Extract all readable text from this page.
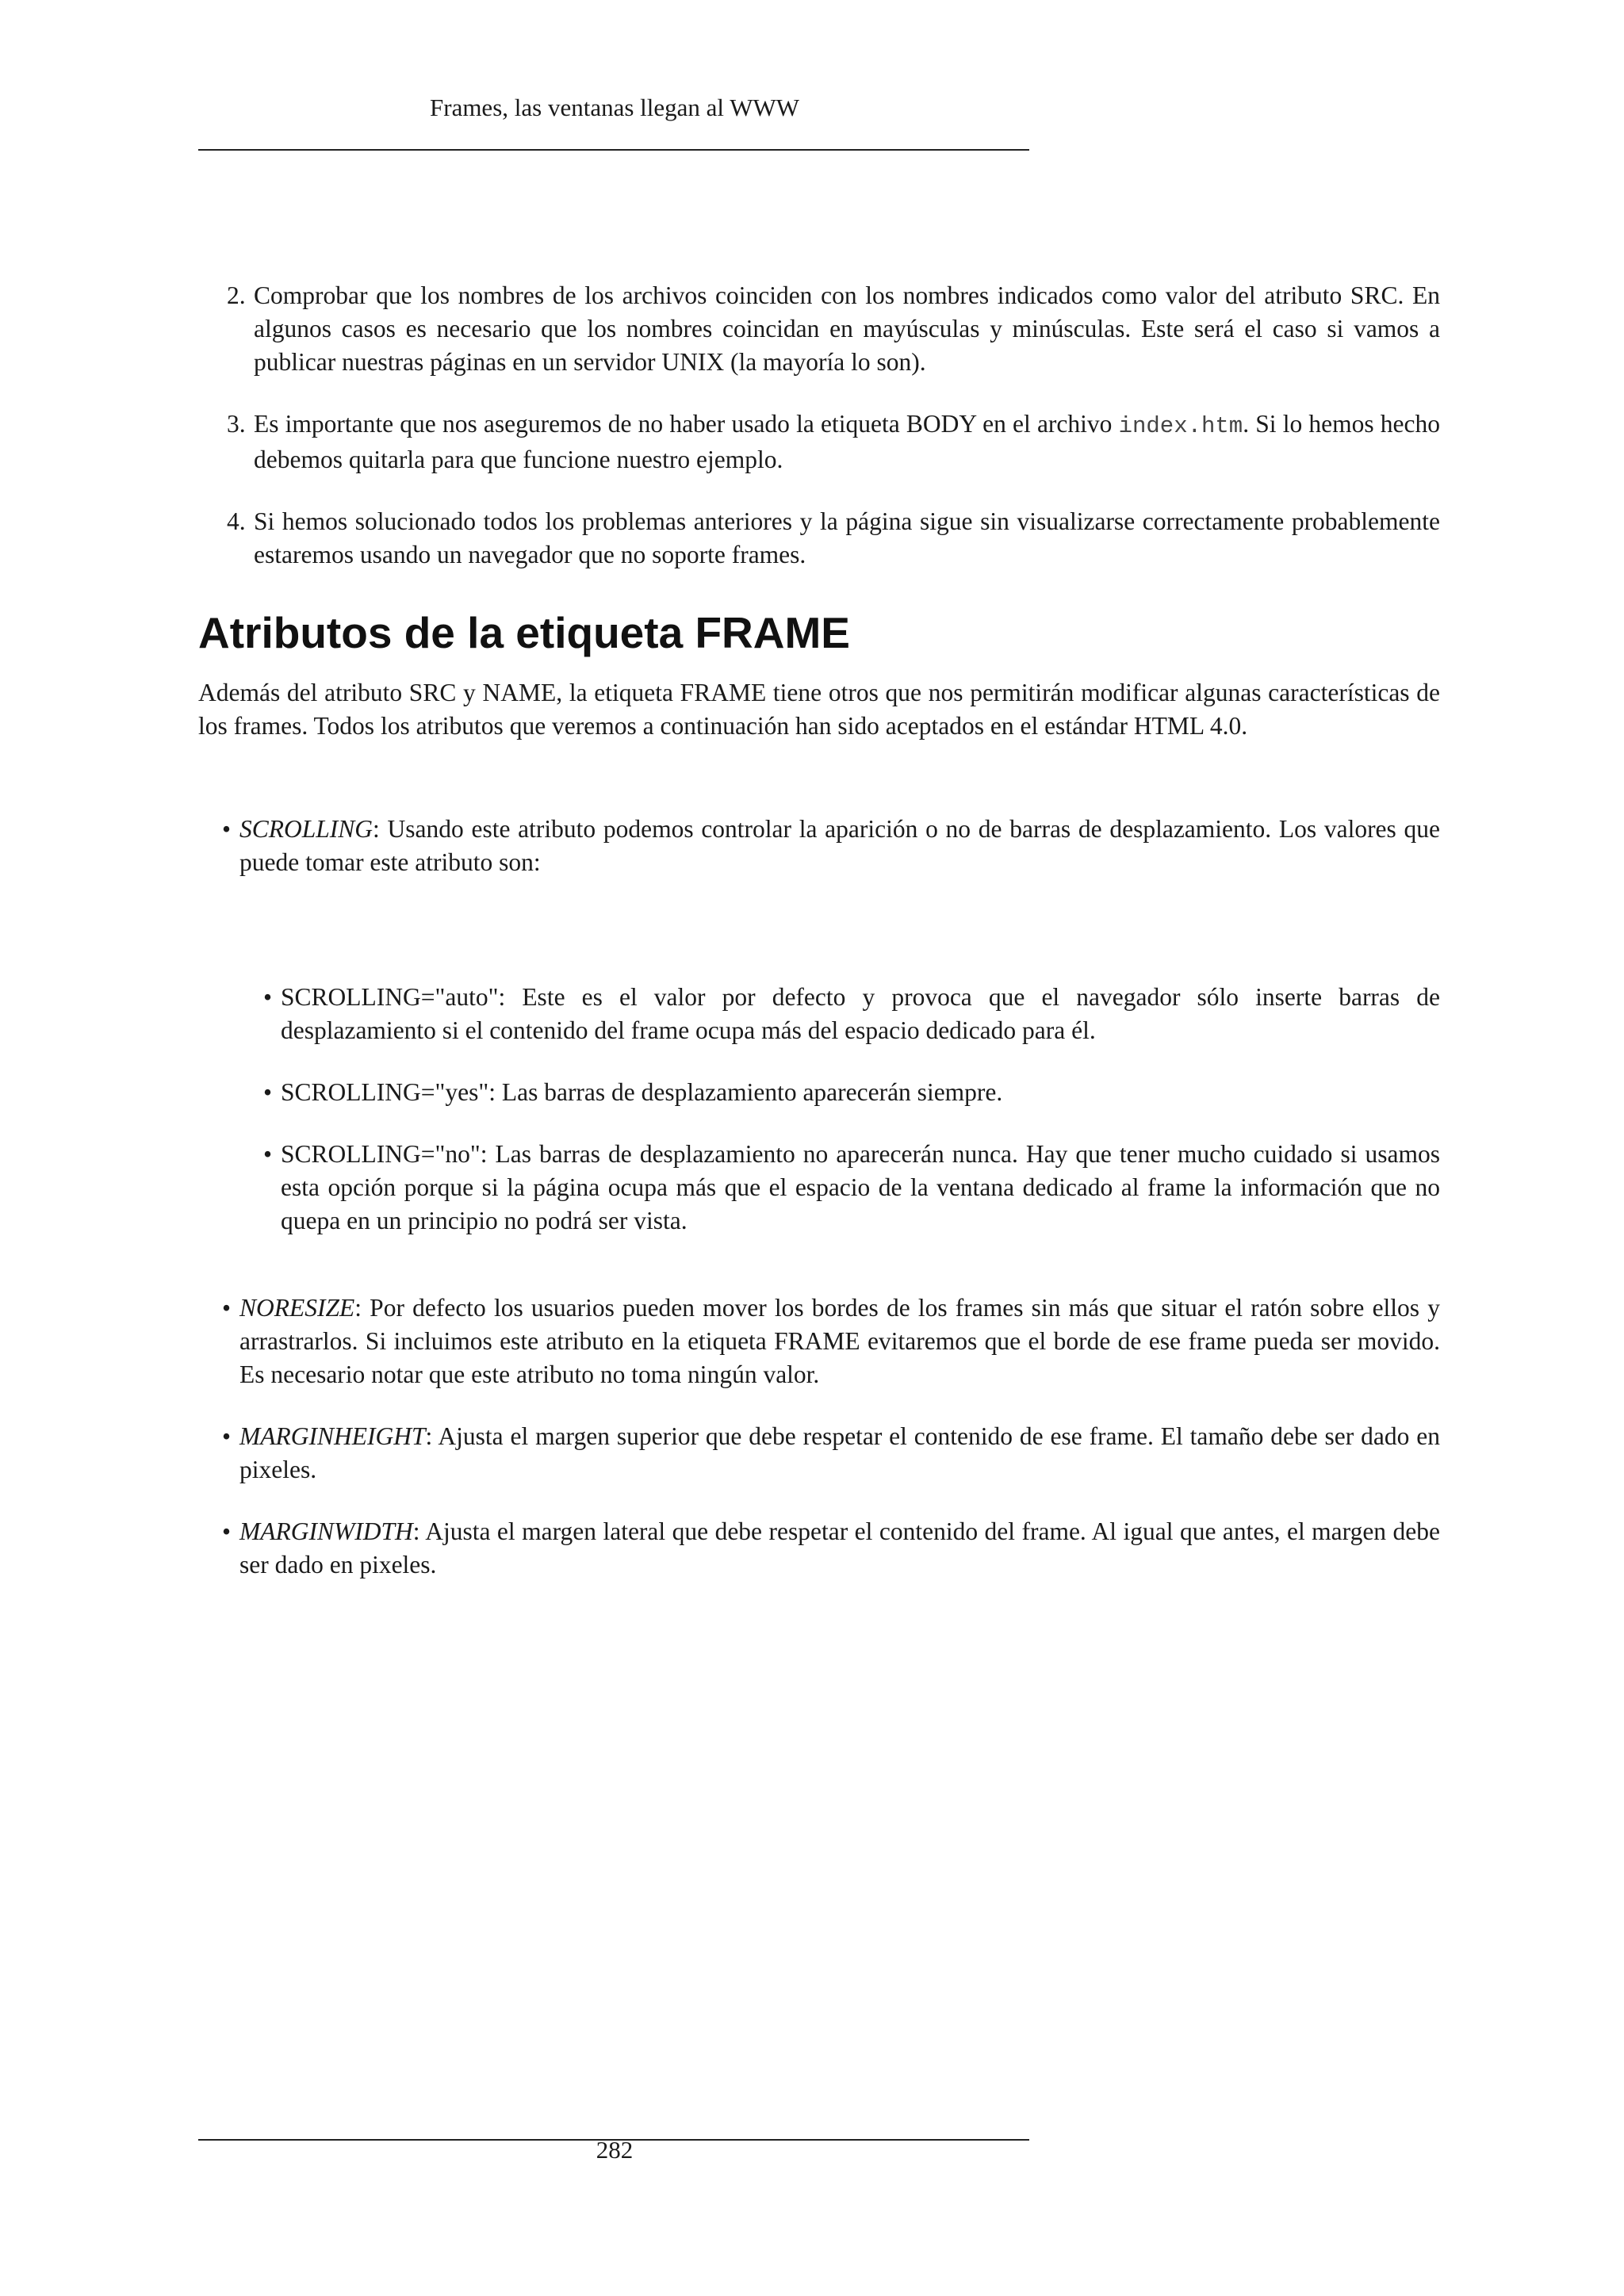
Frames, las ventanas llegan al WWW
2. Comprobar que los nombres de los archivos coinciden con los nombres indicados como valor del atributo SRC. En algunos casos es necesario que los nombres coincidan en mayúsculas y minúsculas. Este será el caso si vamos a publicar nuestras páginas en un servidor UNIX (la mayoría lo son).
3. Es importante que nos aseguremos de no haber usado la etiqueta BODY en el archivo index.htm. Si lo hemos hecho debemos quitarla para que funcione nuestro ejemplo.
4. Si hemos solucionado todos los problemas anteriores y la página sigue sin visualizarse correctamente probablemente estaremos usando un navegador que no soporte frames.
Atributos de la etiqueta FRAME

Además del atributo SRC y NAME, la etiqueta FRAME tiene otros que nos permitirán modificar algunas características de los frames. Todos los atributos que veremos a continuación han sido aceptados en el estándar HTML 4.0.

• SCROLLING: Usando este atributo podemos controlar la aparición o no de barras de desplazamiento. Los valores que puede tomar este atributo son:
• SCROLLING="auto": Este es el valor por defecto y provoca que el navegador sólo inserte barras de desplazamiento si el contenido del frame ocupa más del espacio dedicado para él.
• SCROLLING="yes": Las barras de desplazamiento aparecerán siempre.
• SCROLLING="no": Las barras de desplazamiento no aparecerán nunca. Hay que tener mucho cuidado si usamos esta opción porque si la página ocupa más que el espacio de la ventana dedicado al frame la información que no quepa en un principio no podrá ser vista.
• NORESIZE: Por defecto los usuarios pueden mover los bordes de los frames sin más que situar el ratón sobre ellos y arrastrarlos. Si incluimos este atributo en la etiqueta FRAME evitaremos que el borde de ese frame pueda ser movido. Es necesario notar que este atributo no toma ningún valor.
• MARGINHEIGHT: Ajusta el margen superior que debe respetar el contenido de ese frame. El tamaño debe ser dado en pixeles.
• MARGINWIDTH: Ajusta el margen lateral que debe respetar el contenido del frame. Al igual que antes, el margen debe ser dado en pixeles.
282
